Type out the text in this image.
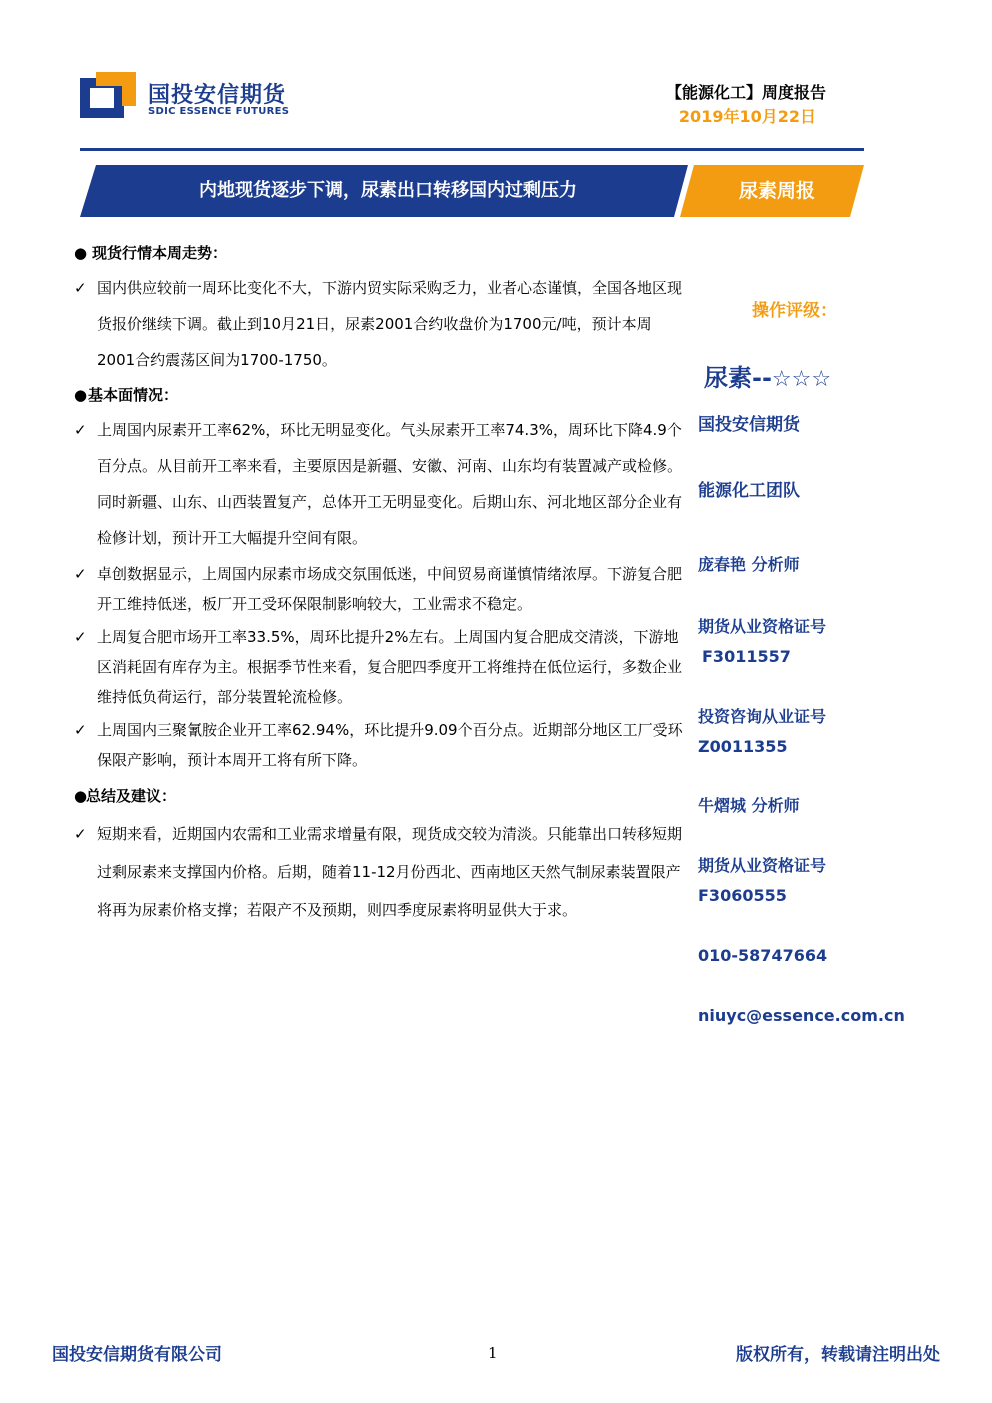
国投安信期货
SDIC ESSENCE FUTURES
【能源化工】周度报告
2019年10月22日
内地现货逐步下调，尿素出口转移国内过剩压力	尿素周报
● 现货行情本周走势：
✓ 国内供应较前一周环比变化不大，下游内贸实际采购乏力，业者心态谨慎，全国各地区现货报价继续下调。截止到10月21日，尿素2001合约收盘价为1700元/吨，预计本周2001合约震荡区间为1700-1750。
●基本面情况：
✓ 上周国内尿素开工率62%，环比无明显变化。气头尿素开工率74.3%，周环比下降4.9个百分点。从目前开工率来看，主要原因是新疆、安徽、河南、山东均有装置减产或检修。同时新疆、山东、山西装置复产，总体开工无明显变化。后期山东、河北地区部分企业有检修计划，预计开工大幅提升空间有限。
✓ 卓创数据显示，上周国内尿素市场成交氛围低迷，中间贸易商谨慎情绪浓厚。下游复合肥开工维持低迷，板厂开工受环保限制影响较大，工业需求不稳定。
✓ 上周复合肥市场开工率33.5%，周环比提升2%左右。上周国内复合肥成交清淡，下游地区消耗固有库存为主。根据季节性来看，复合肥四季度开工将维持在低位运行，多数企业维持低负荷运行，部分装置轮流检修。
✓ 上周国内三聚氰胺企业开工率62.94%，环比提升9.09个百分点。近期部分地区工厂受环保限产影响，预计本周开工将有所下降。
●总结及建议：
✓ 短期来看，近期国内农需和工业需求增量有限，现货成交较为清淡。只能靠出口转移短期过剩尿素来支撑国内价格。后期，随着11-12月份西北、西南地区天然气制尿素装置限产将再为尿素价格支撑；若限产不及预期，则四季度尿素将明显供大于求。
操作评级：
尿素--☆☆☆
国投安信期货
能源化工团队
庞春艳 分析师
期货从业资格证号
F3011557
投资咨询从业证号
Z0011355
牛熠城 分析师
期货从业资格证号
F3060555
010-58747664
niuyc@essence.com.cn
国投安信期货有限公司	1	版权所有，转载请注明出处
